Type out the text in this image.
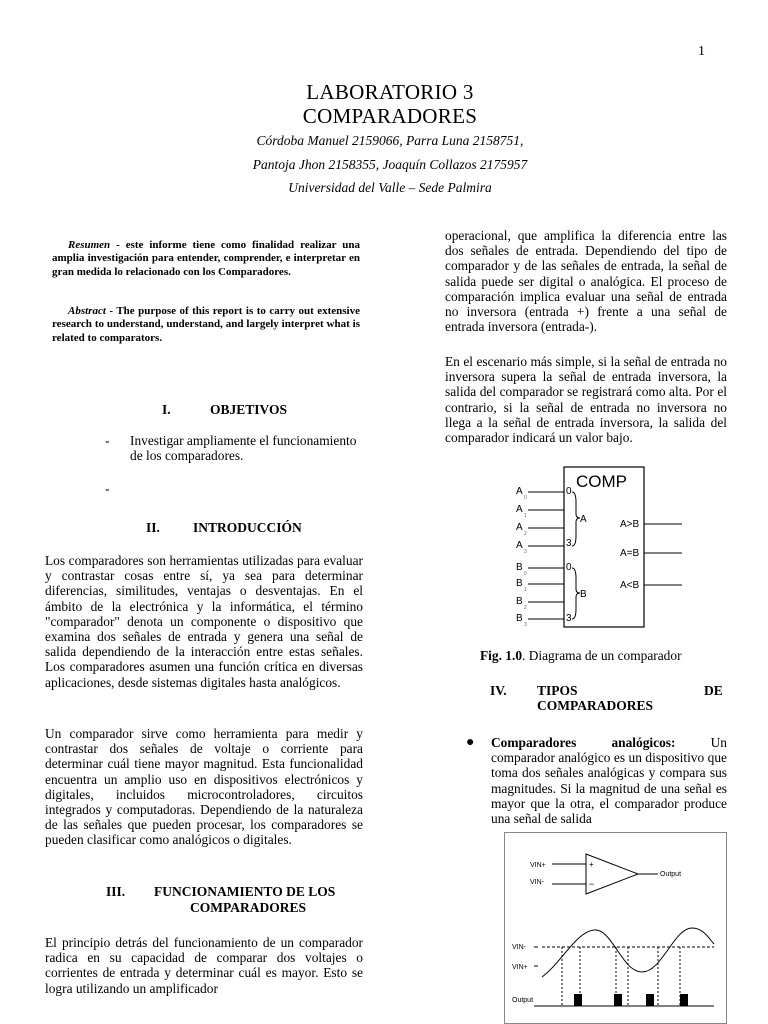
1
LABORATORIO 3
COMPARADORES
Córdoba Manuel 2159066, Parra Luna 2158751,
Pantoja Jhon 2158355, Joaquín Collazos 2175957
Universidad del Valle – Sede Palmira
Resumen - este informe tiene como finalidad realizar una amplia investigación para entender, comprender, e interpretar en gran medida lo relacionado con los Comparadores.
Abstract - The purpose of this report is to carry out extensive research to understand, understand, and largely interpret what is related to comparators.
I.	OBJETIVOS
- Investigar ampliamente el funcionamiento de los comparadores.
-
II. INTRODUCCIÓN
Los comparadores son herramientas utilizadas para evaluar y contrastar cosas entre sí, ya sea para determinar diferencias, similitudes, ventajas o desventajas. En el ámbito de la electrónica y la informática, el término "comparador" denota un componente o dispositivo que examina dos señales de entrada y genera una señal de salida dependiendo de la interacción entre estas señales. Los comparadores asumen una función crítica en diversas aplicaciones, desde sistemas digitales hasta analógicos.
Un comparador sirve como herramienta para medir y contrastar dos señales de voltaje o corriente para determinar cuál tiene mayor magnitud. Esta funcionalidad encuentra un amplio uso en dispositivos electrónicos y digitales, incluidos microcontroladores, circuitos integrados y computadoras. Dependiendo de la naturaleza de las señales que pueden procesar, los comparadores se pueden clasificar como analógicos o digitales.
III. FUNCIONAMIENTO DE LOS
COMPARADORES
El principio detrás del funcionamiento de un comparador radica en su capacidad de comparar dos voltajes o corrientes de entrada y determinar cuál es mayor. Esto se logra utilizando un amplificador
operacional, que amplifica la diferencia entre las dos señales de entrada. Dependiendo del tipo de comparador y de las señales de entrada, la señal de salida puede ser digital o analógica. El proceso de comparación implica evaluar una señal de entrada no inversora (entrada +) frente a una señal de entrada inversora (entrada-).
En el escenario más simple, si la señal de entrada no inversora supera la señal de entrada inversora, la salida del comparador se registrará como alta. Por el contrario, si la señal de entrada no inversora no llega a la señal de entrada inversora, la salida del comparador indicará un valor bajo.
COMP
A
A
A
A
0
1
2
3
0
3
A
B
B
B
B
0
1
2
3
0
3
B
A>B
A=B
A<B
Fig. 1.0. Diagrama de un comparador
IV. TIPOS	DE
COMPARADORES
● Comparadores analógicos: Un comparador analógico es un dispositivo que toma dos señales analógicas y compara sus magnitudes. Si la magnitud de una señal es mayor que la otra, el comparador produce una señal de salida
VIN+
VIN-
+
−
Output
VIN-
VIN+
Output
